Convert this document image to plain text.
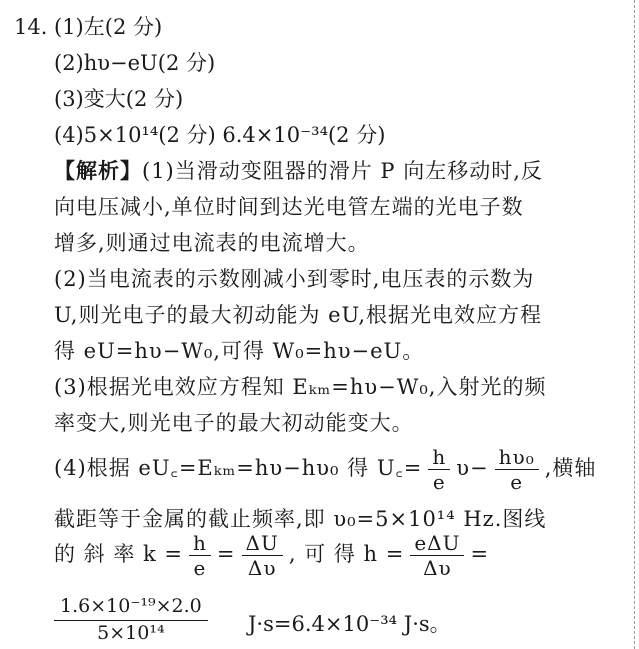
14. (1)左(2 分)
(2)hυ−eU(2 分)
(3)变大(2 分)
(4)5×10¹⁴(2 分) 6.4×10⁻³⁴(2 分)
【解析】(1)当滑动变阻器的滑片 P 向左移动时,反
向电压减小,单位时间到达光电管左端的光电子数
增多,则通过电流表的电流增大。
(2)当电流表的示数刚减小到零时,电压表的示数为
U,则光电子的最大初动能为 eU,根据光电效应方程
得 eU=hυ−W₀,可得 W₀=hυ−eU。
(3)根据光电效应方程知 Eₖₘ=hυ−W₀,入射光的频
率变大,则光电子的最大初动能变大。
(4)根据 eU꜀=Eₖₘ=hυ−hυ₀ 得 U꜀= $\frac{h}{e} \upsilon- \frac{\text{hυ₀}}{e}$ ,横轴
截距等于金属的截止频率,即 υ₀=5×10¹⁴ Hz.图线
的 斜 率 $k = \frac{h}{e} = \frac{\Delta U}{\Delta\upsilon}$ , 可 得 $h = \frac{\text{eΔU}}{\Delta\upsilon}$ =
$\frac{\text{1.6×10⁻¹⁹×2.0}}{\text{5×10¹⁴}} J\cdot s=6.4\times 10^{-34}$ J·s。
